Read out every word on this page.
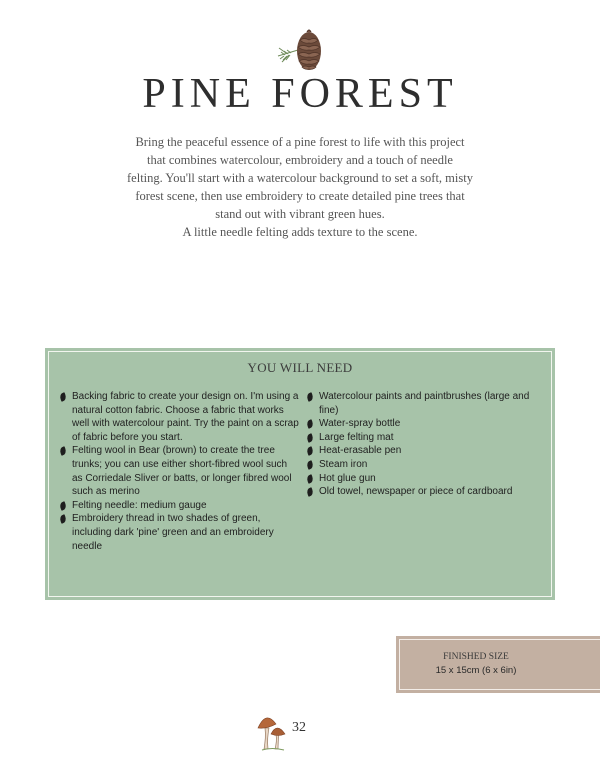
PINE FOREST

Bring the peaceful essence of a pine forest to life with this project

that combines watercolour, embroidery and a touch of needle

felting. You'll start with a watercolour background to set a soft, misty

forest scene, then use embroidery to create detailed pine trees that

stand out with vibrant green hues.

A little needle felting adds texture to the scene.

YOU WILL NEED
Backing fabric to create your design on. I'm using a natural cotton fabric. Choose a fabric that works well with watercolour paint. Try the paint on a scrap of fabric before you start.
Felting wool in Bear (brown) to create the tree trunks; you can use either short-fibred wool such as Corriedale Sliver or batts, or longer fibred wool such as merino
Felting needle: medium gauge
Embroidery thread in two shades of green, including dark 'pine' green and an embroidery needle
Watercolour paints and paintbrushes (large and fine)
Water-spray bottle
Large felting mat
Heat-erasable pen
Steam iron
Hot glue gun
Old towel, newspaper or piece of cardboard
FINISHED SIZE
15 x 15cm (6 x 6in)
32
